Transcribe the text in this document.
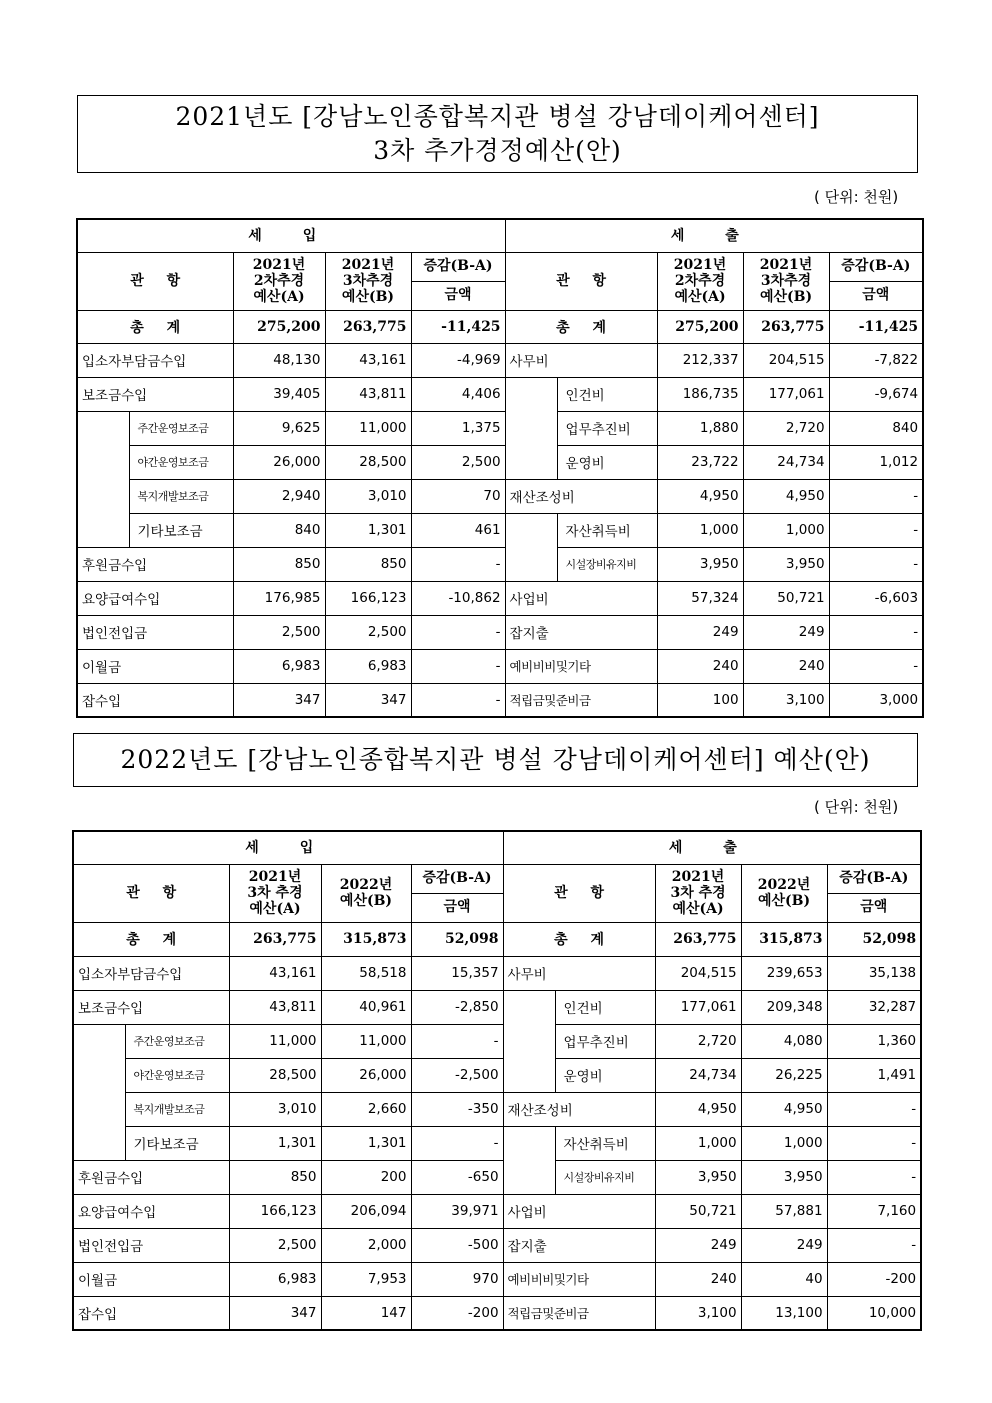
2021년도 [강남노인종합복지관 병설 강남데이케어센터]
3차 추가경정예산(안)
( 단위: 천원)
세 입					세 출				
관 항		2021년
2차추경
예산(A)	2021년
3차추경
예산(B)	증감(B-A)	관 항		2021년
2차추경
예산(A)	2021년
3차추경
예산(B)	증감(B-A)
				금액					금액
총 계		275,200	263,775	-11,425	총 계		275,200	263,775	-11,425
입소자부담금수입		48,130	43,161	-4,969	사무비		212,337	204,515	-7,822
보조금수입		39,405	43,811	4,406		인건비	186,735	177,061	-9,674
	주간운영보조금	9,625	11,000	1,375		업무추진비	1,880	2,720	840
	야간운영보조금	26,000	28,500	2,500		운영비	23,722	24,734	1,012
	복지개발보조금	2,940	3,010	70	재산조성비		4,950	4,950	-
	기타보조금	840	1,301	461		자산취득비	1,000	1,000	-
후원금수입		850	850	-		시설장비유지비	3,950	3,950	-
요양급여수입		176,985	166,123	-10,862	사업비		57,324	50,721	-6,603
법인전입금		2,500	2,500	-	잡지출		249	249	-
이월금		6,983	6,983	-	예비비비및기타		240	240	-
잡수입		347	347	-	적립금및준비금		100	3,100	3,000
2022년도 [강남노인종합복지관 병설 강남데이케어센터] 예산(안)
( 단위: 천원)
세 입					세 출				
관 항		2021년
3차 추경
예산(A)	2022년
예산(B)	증감(B-A)	관 항		2021년
3차 추경
예산(A)	2022년
예산(B)	증감(B-A)
				금액					금액
총 계		263,775	315,873	52,098	총 계		263,775	315,873	52,098
입소자부담금수입		43,161	58,518	15,357	사무비		204,515	239,653	35,138
보조금수입		43,811	40,961	-2,850		인건비	177,061	209,348	32,287
	주간운영보조금	11,000	11,000	-		업무추진비	2,720	4,080	1,360
	야간운영보조금	28,500	26,000	-2,500		운영비	24,734	26,225	1,491
	복지개발보조금	3,010	2,660	-350	재산조성비		4,950	4,950	-
	기타보조금	1,301	1,301	-		자산취득비	1,000	1,000	-
후원금수입		850	200	-650		시설장비유지비	3,950	3,950	-
요양급여수입		166,123	206,094	39,971	사업비		50,721	57,881	7,160
법인전입금		2,500	2,000	-500	잡지출		249	249	-
이월금		6,983	7,953	970	예비비비및기타		240	40	-200
잡수입		347	147	-200	적립금및준비금		3,100	13,100	10,000
